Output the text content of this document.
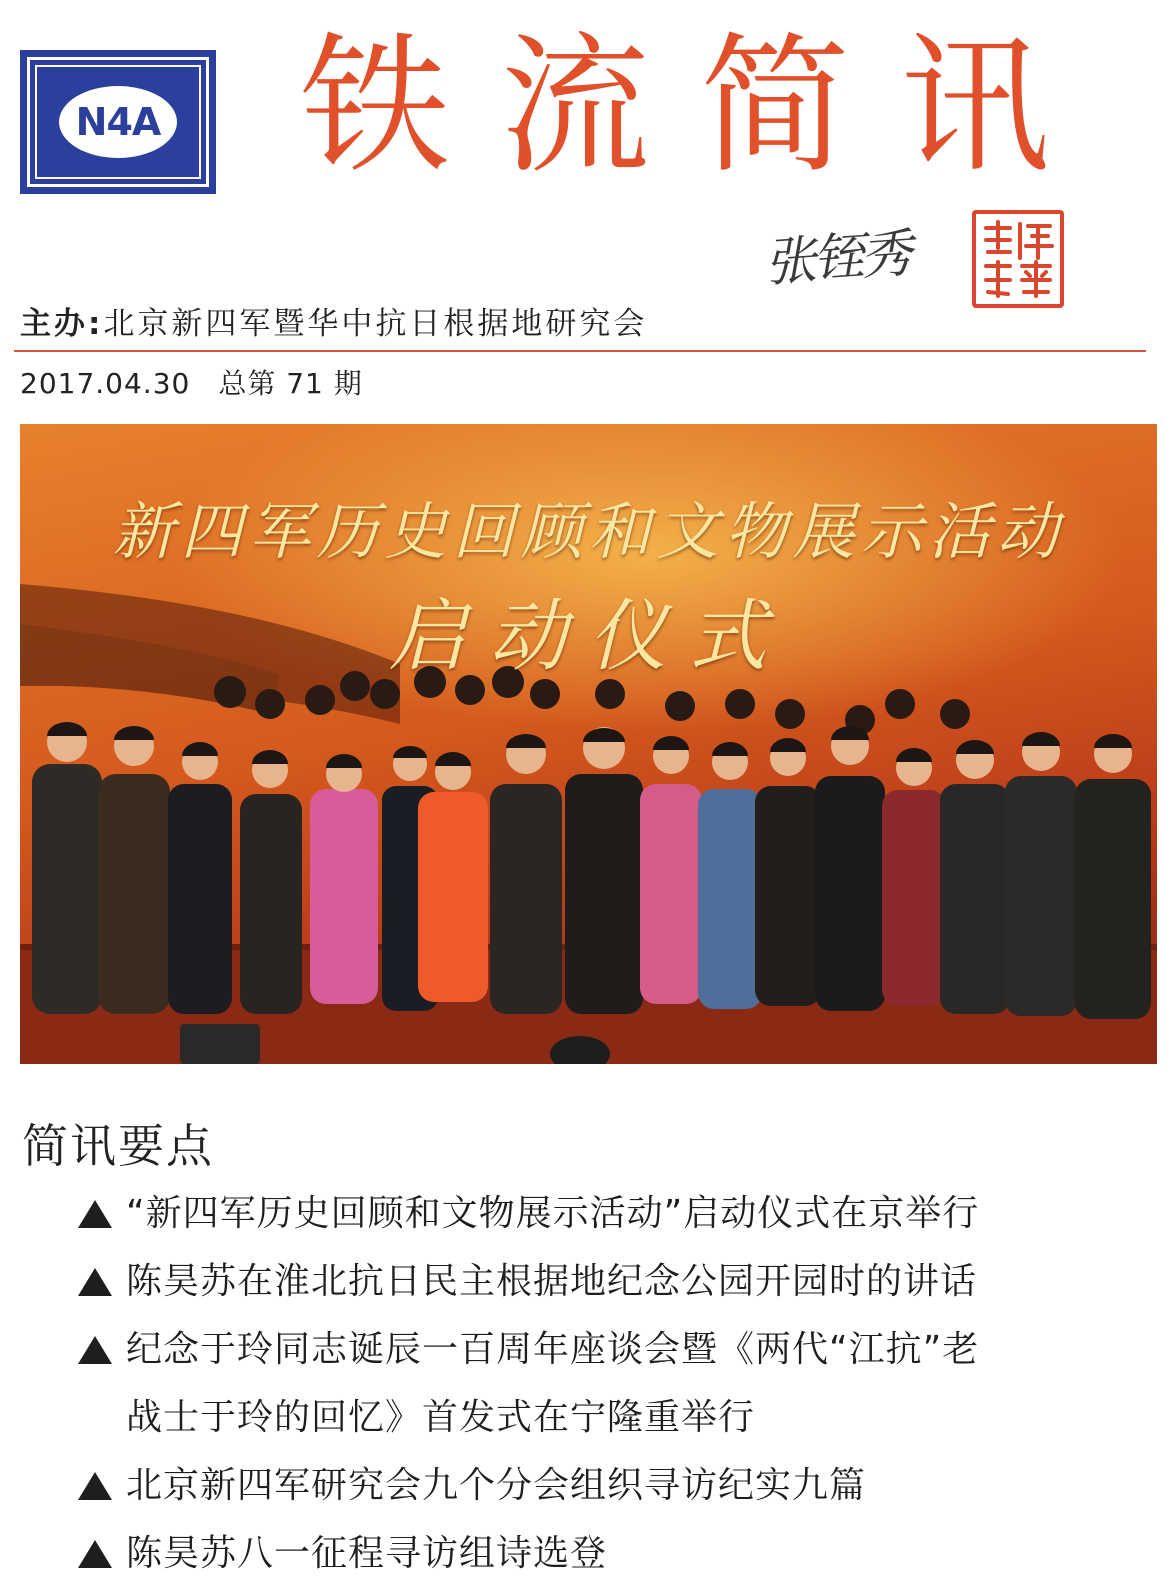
N4A 铁 流 简 讯
张铚秀
主办:北京新四军暨华中抗日根据地研究会
2017.04.30 总第 71 期
新四军历史回顾和文物展示活动
启动仪式
简讯要点
“新四军历史回顾和文物展示活动”启动仪式在京举行
陈昊苏在淮北抗日民主根据地纪念公园开园时的讲话
纪念于玲同志诞辰一百周年座谈会暨《两代“江抗”老
战士于玲的回忆》首发式在宁隆重举行
北京新四军研究会九个分会组织寻访纪实九篇
陈昊苏八一征程寻访组诗选登
